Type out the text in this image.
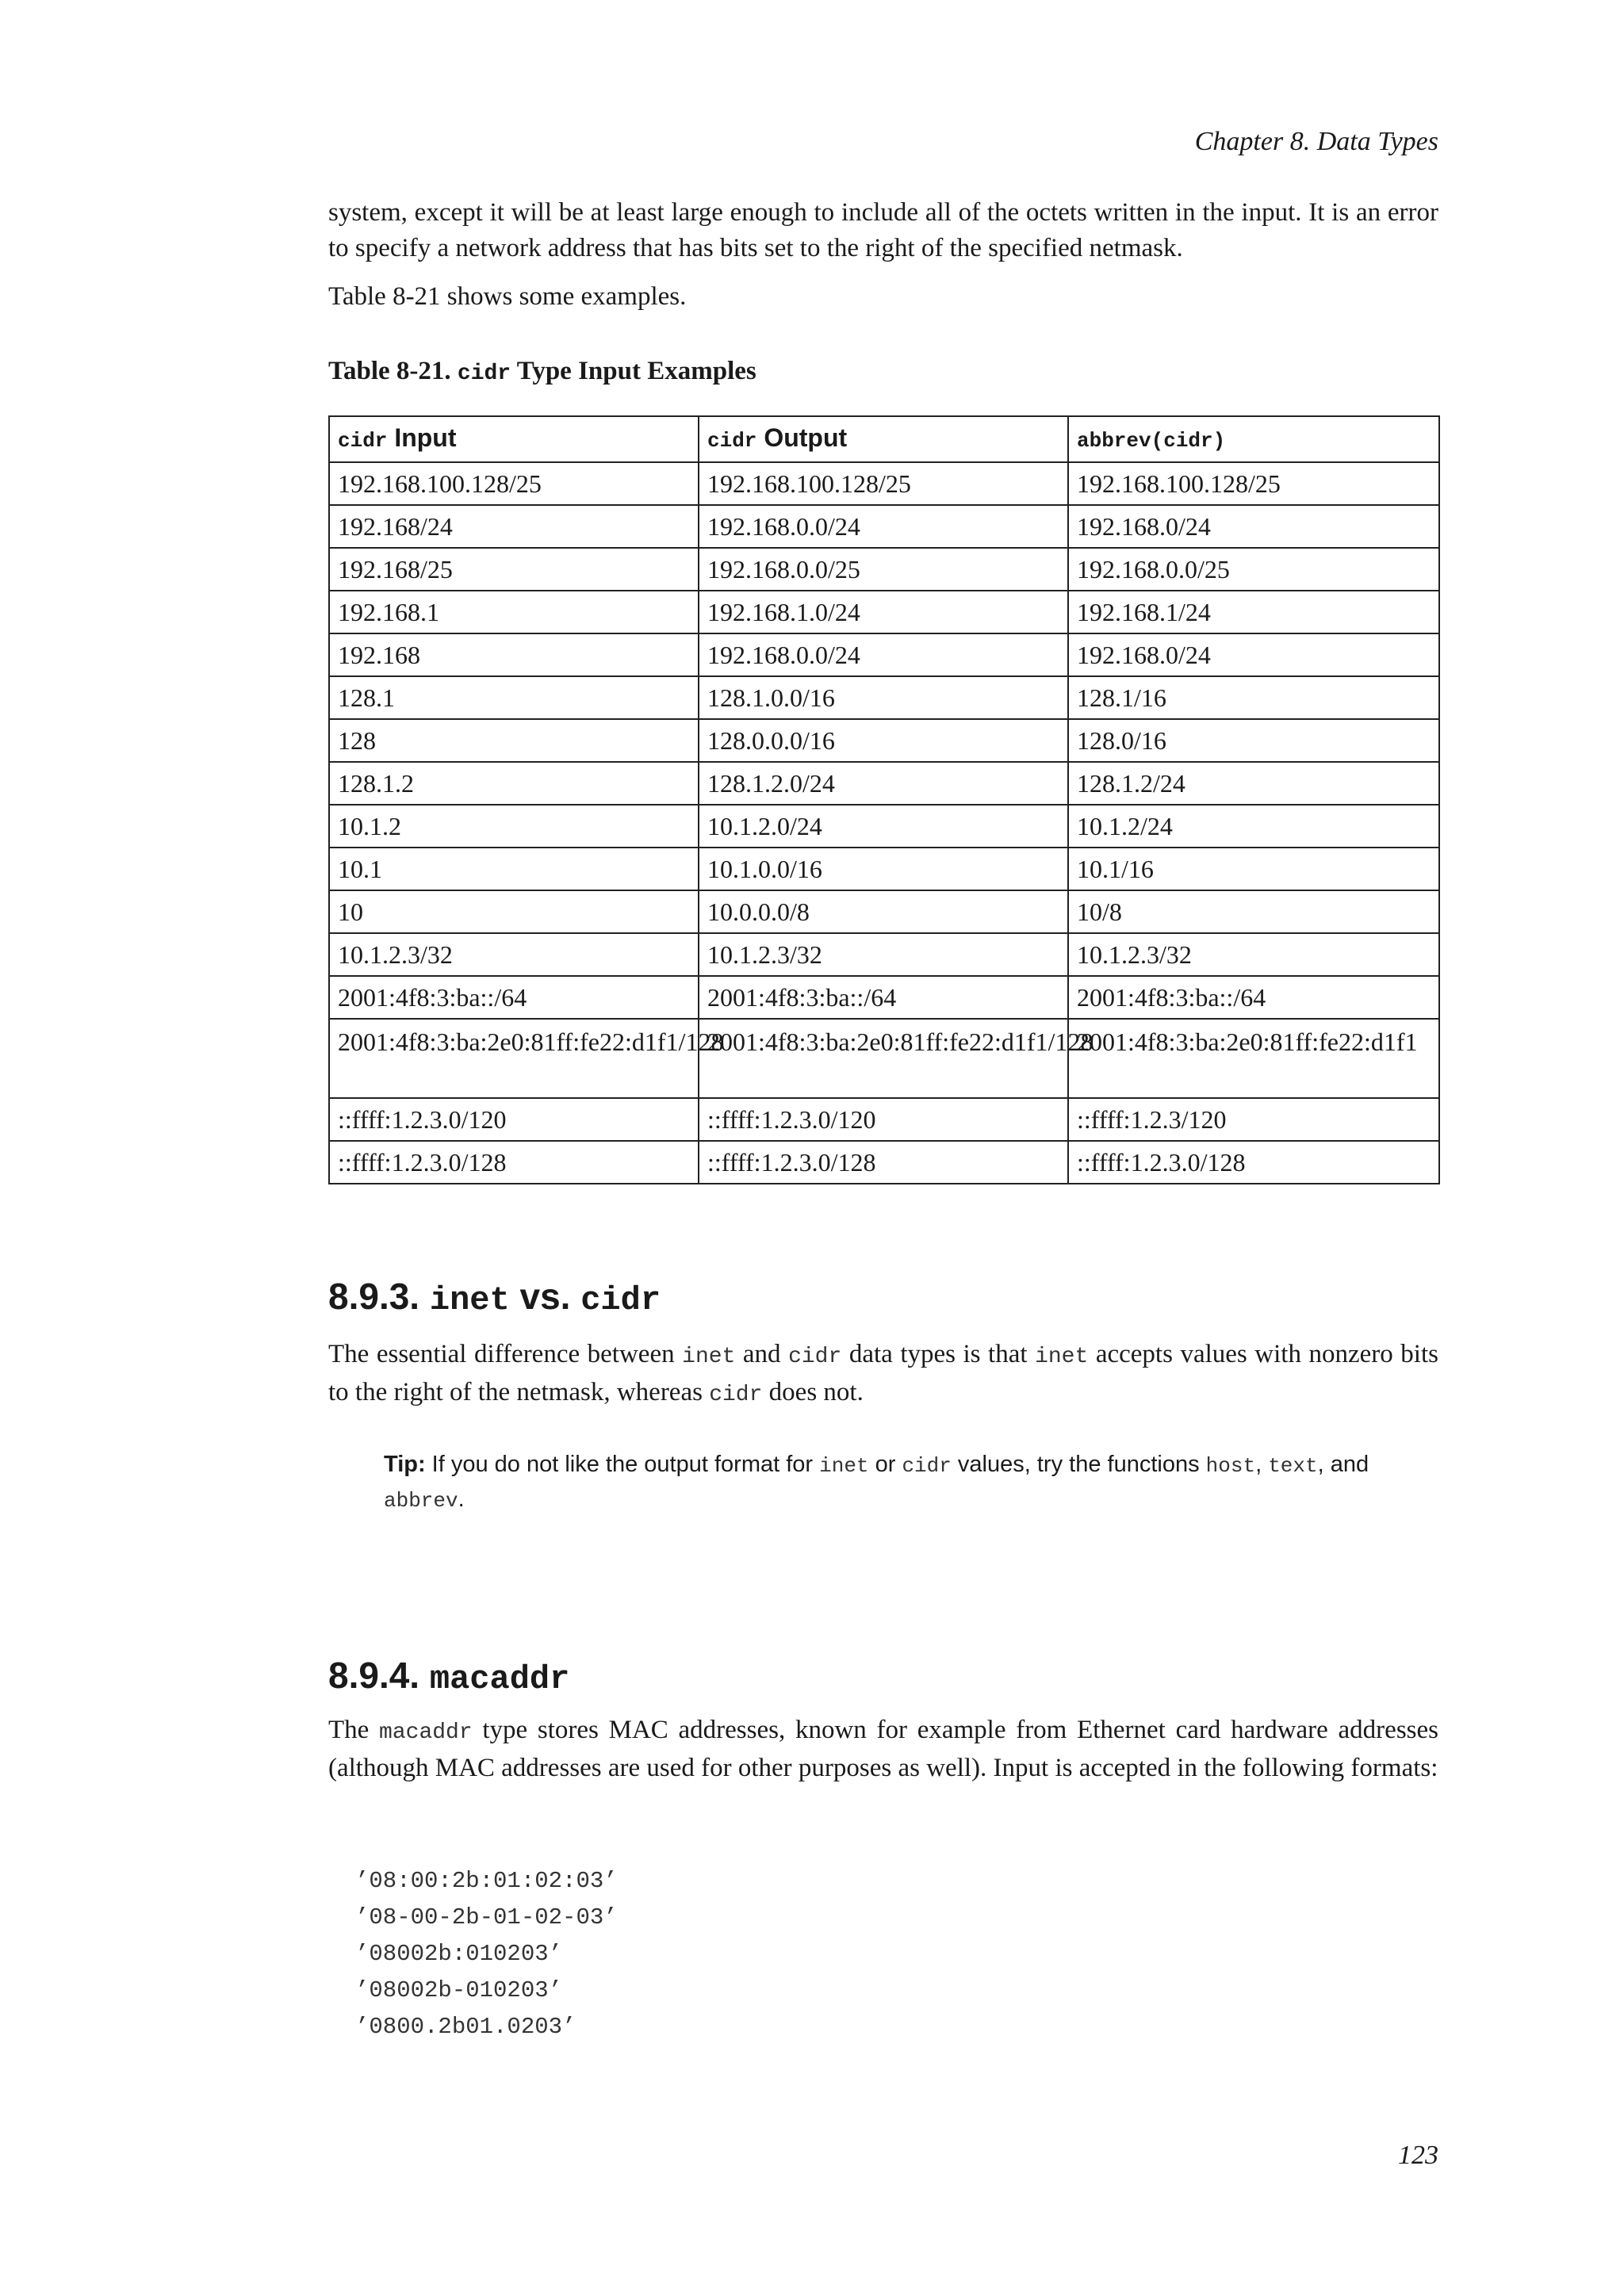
Chapter 8. Data Types

system, except it will be at least large enough to include all of the octets written in the input. It is an error to specify a network address that has bits set to the right of the specified netmask.

Table 8-21 shows some examples.

Table 8-21. cidr Type Input Examples
cidr Input	cidr Output	abbrev(cidr)
192.168.100.128/25	192.168.100.128/25	192.168.100.128/25
192.168/24	192.168.0.0/24	192.168.0/24
192.168/25	192.168.0.0/25	192.168.0.0/25
192.168.1	192.168.1.0/24	192.168.1/24
192.168	192.168.0.0/24	192.168.0/24
128.1	128.1.0.0/16	128.1/16
128	128.0.0.0/16	128.0/16
128.1.2	128.1.2.0/24	128.1.2/24
10.1.2	10.1.2.0/24	10.1.2/24
10.1	10.1.0.0/16	10.1/16
10	10.0.0.0/8	10/8
10.1.2.3/32	10.1.2.3/32	10.1.2.3/32
2001:4f8:3:ba::/64	2001:4f8:3:ba::/64	2001:4f8:3:ba::/64
2001:4f8:3:ba:2e0:81ff:fe22:d1f1/128	2001:4f8:3:ba:2e0:81ff:fe22:d1f1/128	2001:4f8:3:ba:2e0:81ff:fe22:d1f1
::ffff:1.2.3.0/120	::ffff:1.2.3.0/120	::ffff:1.2.3/120
::ffff:1.2.3.0/128	::ffff:1.2.3.0/128	::ffff:1.2.3.0/128
8.9.3. inet vs. cidr

The essential difference between inet and cidr data types is that inet accepts values with nonzero bits to the right of the netmask, whereas cidr does not.

Tip: If you do not like the output format for inet or cidr values, try the functions host, text, and abbrev.
8.9.4. macaddr

The macaddr type stores MAC addresses, known for example from Ethernet card hardware addresses (although MAC addresses are used for other purposes as well). Input is accepted in the following formats:

’08:00:2b:01:02:03’
’08-00-2b-01-02-03’
’08002b:010203’
’08002b-010203’
’0800.2b01.0203’
123
